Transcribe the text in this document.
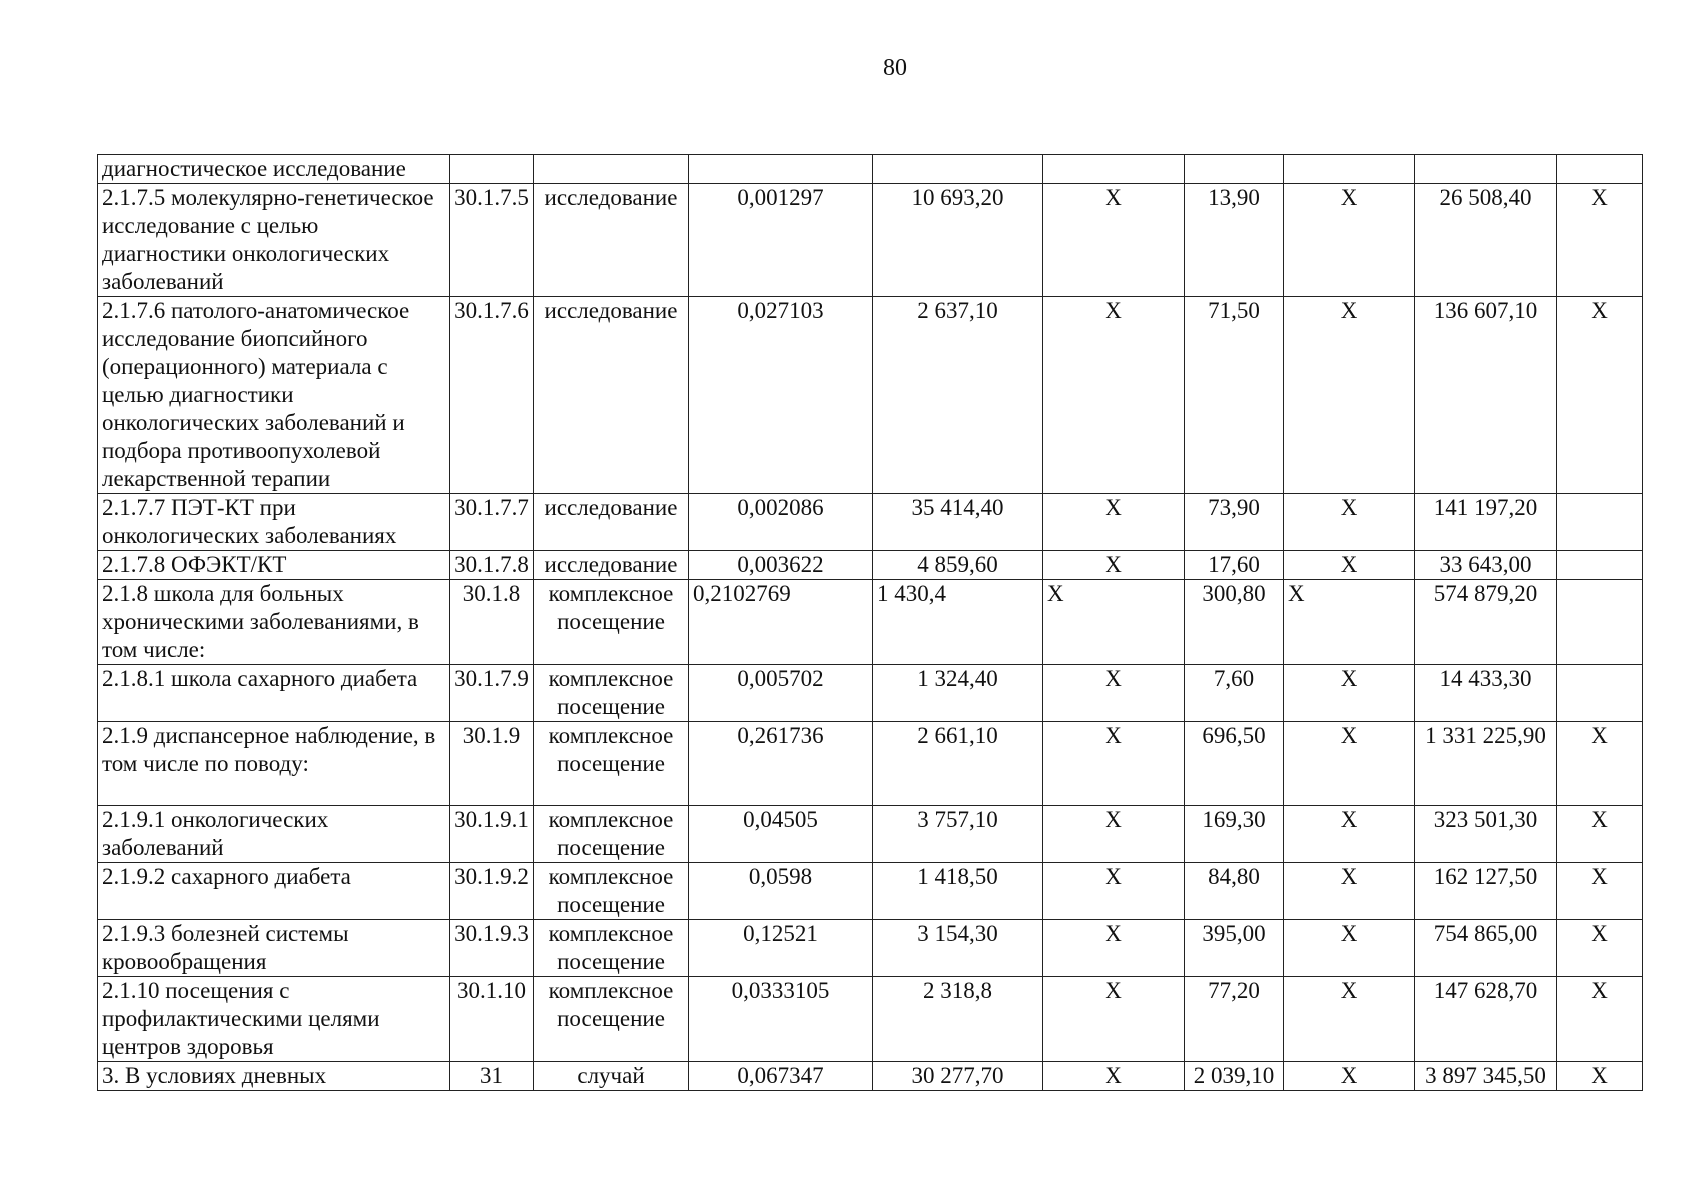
80
диагностическое исследование									
2.1.7.5 молекулярно-генетическое исследование с целью диагностики онкологических заболеваний	30.1.7.5	исследование	0,001297	10 693,20	Х	13,90	Х	26 508,40	Х
2.1.7.6 патолого-анатомическое исследование биопсийного (операционного) материала с целью диагностики онкологических заболеваний и подбора противоопухолевой лекарственной терапии	30.1.7.6	исследование	0,027103	2 637,10	Х	71,50	Х	136 607,10	Х
2.1.7.7 ПЭТ-КТ при онкологических заболеваниях	30.1.7.7	исследование	0,002086	35 414,40	Х	73,90	Х	141 197,20	
2.1.7.8 ОФЭКТ/КТ	30.1.7.8	исследование	0,003622	4 859,60	Х	17,60	Х	33 643,00	
2.1.8 школа для больных хроническими заболеваниями, в том числе:	30.1.8	комплексное посещение	0,2102769	1 430,4	Х	300,80	Х	574 879,20	
2.1.8.1 школа сахарного диабета	30.1.7.9	комплексное посещение	0,005702	1 324,40	Х	7,60	Х	14 433,30	
2.1.9 диспансерное наблюдение, в том числе по поводу:	30.1.9	комплексное посещение	0,261736	2 661,10	Х	696,50	Х	1 331 225,90	Х
2.1.9.1 онкологических заболеваний	30.1.9.1	комплексное посещение	0,04505	3 757,10	Х	169,30	Х	323 501,30	Х
2.1.9.2 сахарного диабета	30.1.9.2	комплексное посещение	0,0598	1 418,50	Х	84,80	Х	162 127,50	Х
2.1.9.3 болезней системы кровообращения	30.1.9.3	комплексное посещение	0,12521	3 154,30	Х	395,00	Х	754 865,00	Х
2.1.10 посещения с профилактическими целями центров здоровья	30.1.10	комплексное посещение	0,0333105	2 318,8	Х	77,20	Х	147 628,70	Х
3. В условиях дневных	31	случай	0,067347	30 277,70	Х	2 039,10	Х	3 897 345,50	Х
